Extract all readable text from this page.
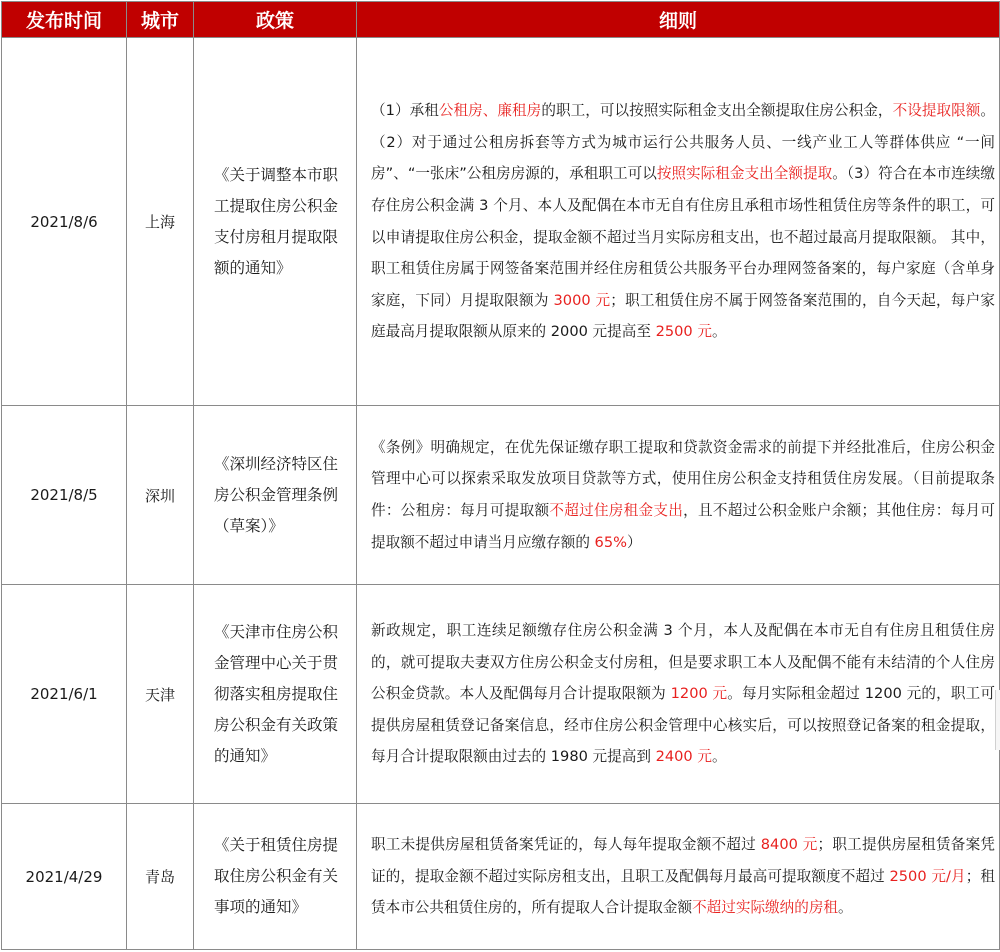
发布时间	城市	政策	细则
2021/8/6	上海	《关于调整本市职工提取住房公积金支付房租月提取限额的通知》	（1）承租公租房、廉租房的职工，可以按照实际租金支出全额提取住房公积金，不设提取限额。（2）对于通过公租房拆套等方式为城市运行公共服务人员、一线产业工人等群体供应 “一间房”、“一张床”公租房房源的，承租职工可以按照实际租金支出全额提取。（3）符合在本市连续缴存住房公积金满 3 个月、本人及配偶在本市无自有住房且承租市场性租赁住房等条件的职工，可以申请提取住房公积金，提取金额不超过当月实际房租支出，也不超过最高月提取限额。 其中，职工租赁住房属于网签备案范围并经住房租赁公共服务平台办理网签备案的，每户家庭（含单身家庭，下同）月提取限额为 3000 元；职工租赁住房不属于网签备案范围的，自今天起，每户家庭最高月提取限额从原来的 2000 元提高至 2500 元。
2021/8/5	深圳	《深圳经济特区住房公积金管理条例（草案）》	《条例》明确规定，在优先保证缴存职工提取和贷款资金需求的前提下并经批准后，住房公积金管理中心可以探索采取发放项目贷款等方式，使用住房公积金支持租赁住房发展。（目前提取条件：公租房：每月可提取额不超过住房租金支出，且不超过公积金账户余额；其他住房：每月可提取额不超过申请当月应缴存额的 65%）
2021/6/1	天津	《天津市住房公积金管理中心关于贯彻落实租房提取住房公积金有关政策的通知》	新政规定，职工连续足额缴存住房公积金满 3 个月，本人及配偶在本市无自有住房且租赁住房的，就可提取夫妻双方住房公积金支付房租，但是要求职工本人及配偶不能有未结清的个人住房公积金贷款。本人及配偶每月合计提取限额为 1200 元。每月实际租金超过 1200 元的，职工可提供房屋租赁登记备案信息，经市住房公积金管理中心核实后，可以按照登记备案的租金提取，每月合计提取限额由过去的 1980 元提高到 2400 元。
2021/4/29	青岛	《关于租赁住房提取住房公积金有关事项的通知》	职工未提供房屋租赁备案凭证的，每人每年提取金额不超过 8400 元；职工提供房屋租赁备案凭证的，提取金额不超过实际房租支出，且职工及配偶每月最高可提取额度不超过 2500 元/月；租赁本市公共租赁住房的，所有提取人合计提取金额不超过实际缴纳的房租。
